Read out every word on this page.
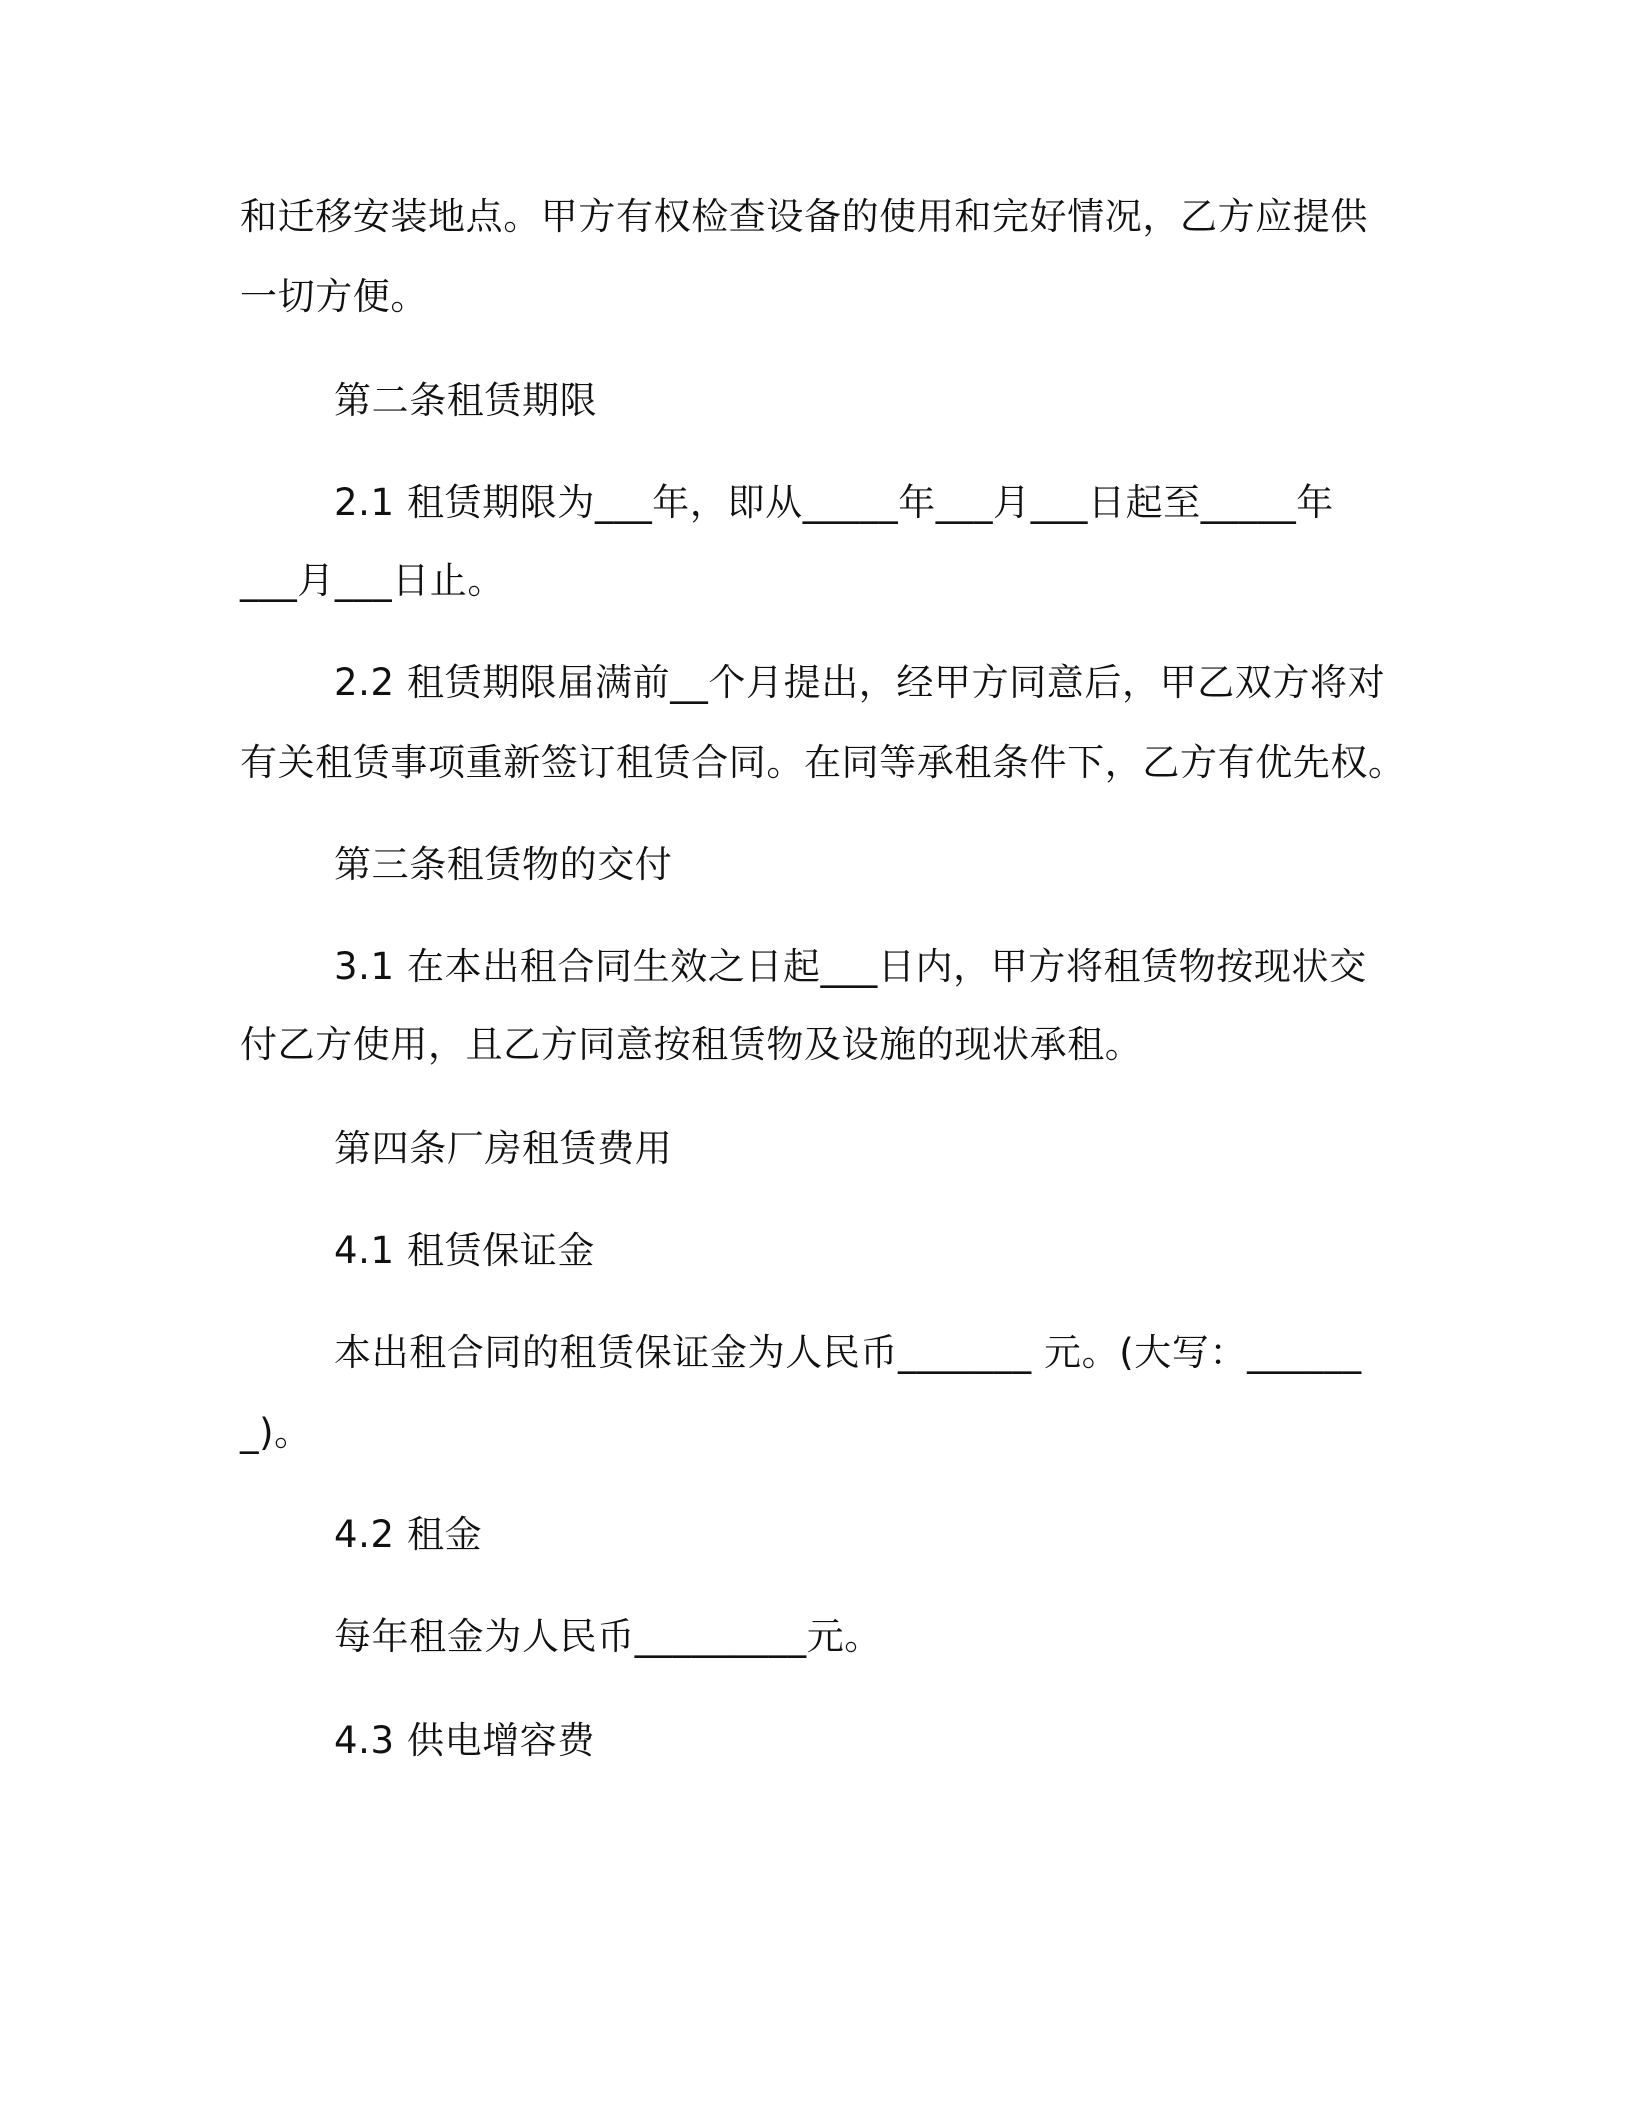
和迁移安装地点。甲方有权检查设备的使用和完好情况，乙方应提供
一切方便。
第二条租赁期限
2.1 租赁期限为___年，即从_____年___月___日起至_____年
___月___日止。
2.2 租赁期限届满前__个月提出，经甲方同意后，甲乙双方将对
有关租赁事项重新签订租赁合同。在同等承租条件下，乙方有优先权。
第三条租赁物的交付
3.1 在本出租合同生效之日起___日内，甲方将租赁物按现状交
付乙方使用，且乙方同意按租赁物及设施的现状承租。
第四条厂房租赁费用
4.1 租赁保证金
本出租合同的租赁保证金为人民币_______ 元。(大写：______
_)。
4.2 租金
每年租金为人民币_________元。
4.3 供电增容费
